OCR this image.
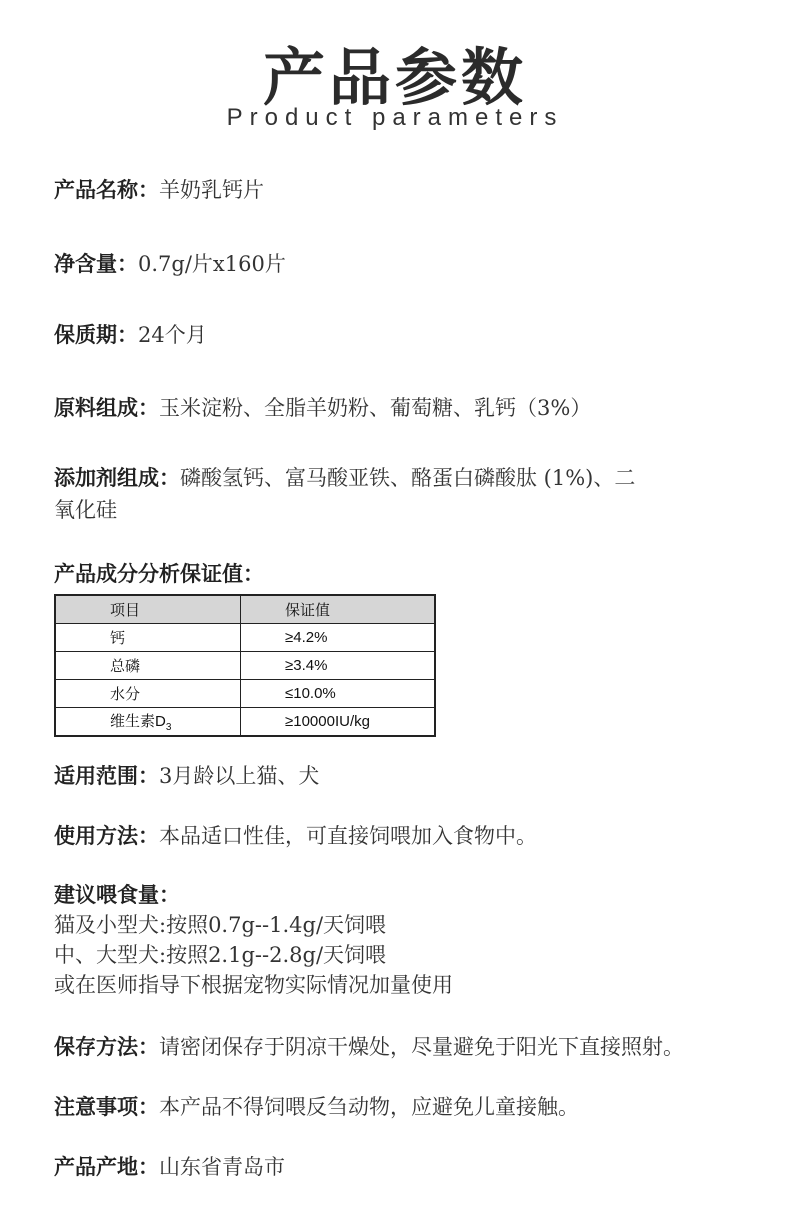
产品参数
Product parameters
产品名称：羊奶乳钙片
净含量：0.7g/片x160片
保质期：24个月
原料组成：玉米淀粉、全脂羊奶粉、葡萄糖、乳钙（3%）
添加剂组成：磷酸氢钙、富马酸亚铁、酪蛋白磷酸肽 (1%)、二
氧化硅
产品成分分析保证值：
项目	保证值
钙	≥4.2%
总磷	≥3.4%
水分	≤10.0%
维生素$D_3$	≥10000IU/kg
适用范围：3月龄以上猫、犬
使用方法：本品适口性佳，可直接饲喂加入食物中。
建议喂食量：
猫及小型犬:按照0.7g--1.4g/天饲喂
中、大型犬:按照2.1g--2.8g/天饲喂
或在医师指导下根据宠物实际情况加量使用
保存方法：请密闭保存于阴凉干燥处，尽量避免于阳光下直接照射。
注意事项：本产品不得饲喂反刍动物，应避免儿童接触。
产品产地：山东省青岛市
